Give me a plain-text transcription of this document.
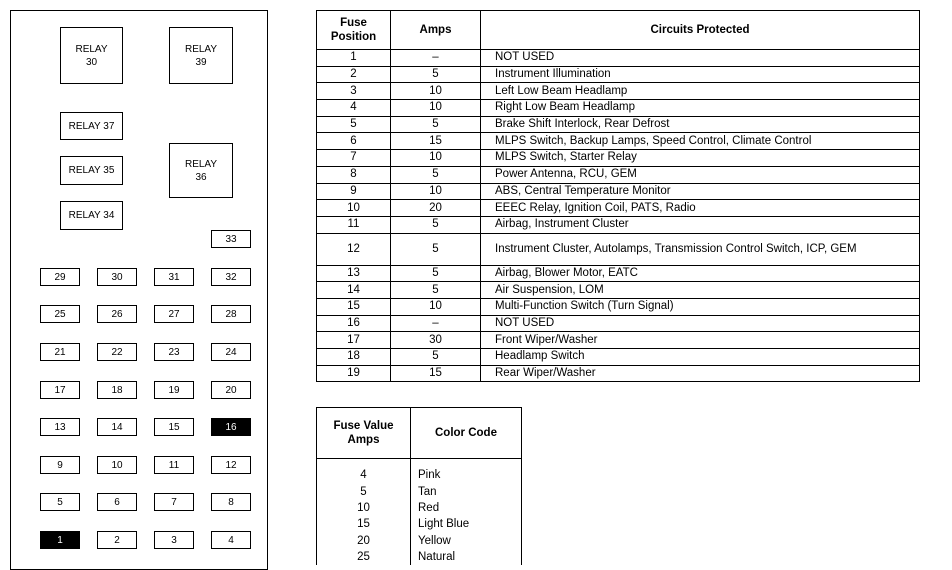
RELAY
30
RELAY
39
RELAY
36
RELAY 37
RELAY 35
RELAY 34
33
29	30	31	32
25	26	27	28
21	22	23	24
17	18	19	20
13	14	15	16
9	10	11	12
5	6	7	8
1	2	3	4
Fuse Position	Amps	Circuits Protected
1	–	NOT USED
2	5	Instrument Illumination
3	10	Left Low Beam Headlamp
4	10	Right Low Beam Headlamp
5	5	Brake Shift Interlock, Rear Defrost
6	15	MLPS Switch, Backup Lamps, Speed Control, Climate Control
7	10	MLPS Switch, Starter Relay
8	5	Power Antenna, RCU, GEM
9	10	ABS, Central Temperature Monitor
10	20	EEEC Relay, Ignition Coil, PATS, Radio
11	5	Airbag, Instrument Cluster
12	5	Instrument Cluster, Autolamps, Transmission Control Switch, ICP, GEM
13	5	Airbag, Blower Motor, EATC
14	5	Air Suspension, LOM
15	10	Multi-Function Switch (Turn Signal)
16	–	NOT USED
17	30	Front Wiper/Washer
18	5	Headlamp Switch
19	15	Rear Wiper/Washer
Fuse Value Amps	Color Code
4	Pink
5	Tan
10	Red
15	Light Blue
20	Yellow
25	Natural
